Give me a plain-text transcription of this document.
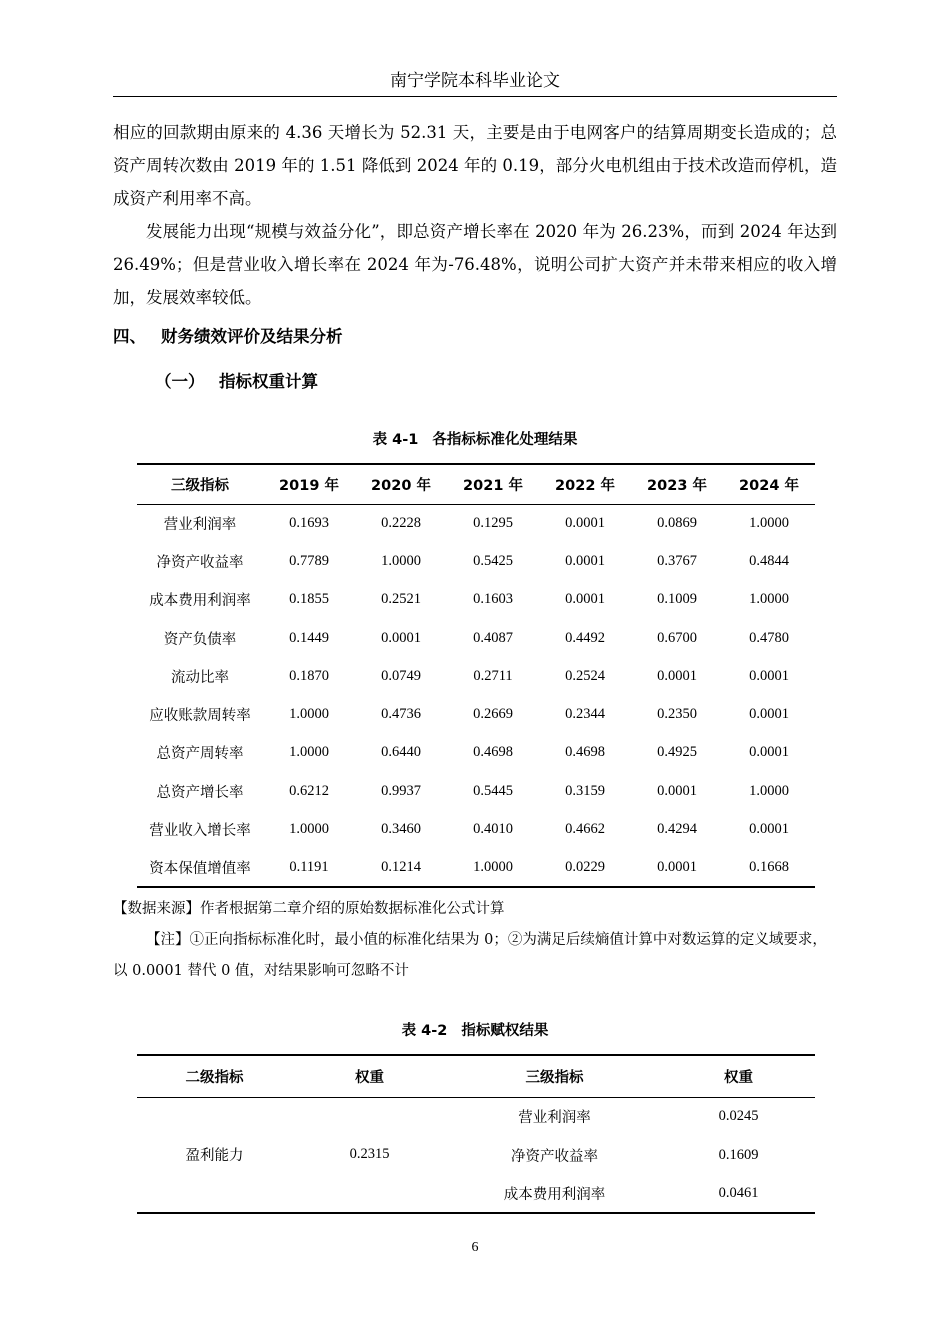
南宁学院本科毕业论文

相应的回款期由原来的 4.36 天增长为 52.31 天，主要是由于电网客户的结算周期变长造成的；总资产周转次数由 2019 年的 1.51 降低到 2024 年的 0.19，部分火电机组由于技术改造而停机，造成资产利用率不高。

发展能力出现“规模与效益分化”，即总资产增长率在 2020 年为 26.23%，而到 2024 年达到 26.49%；但是营业收入增长率在 2024 年为-76.48%，说明公司扩大资产并未带来相应的收入增加，发展效率较低。

四、 财务绩效评价及结果分析
（一） 指标权重计算
表 4-1 各指标标准化处理结果
三级指标	2019 年	2020 年	2021 年	2022 年	2023 年	2024 年
营业利润率	0.1693	0.2228	0.1295	0.0001	0.0869	1.0000
净资产收益率	0.7789	1.0000	0.5425	0.0001	0.3767	0.4844
成本费用利润率	0.1855	0.2521	0.1603	0.0001	0.1009	1.0000
资产负债率	0.1449	0.0001	0.4087	0.4492	0.6700	0.4780
流动比率	0.1870	0.0749	0.2711	0.2524	0.0001	0.0001
应收账款周转率	1.0000	0.4736	0.2669	0.2344	0.2350	0.0001
总资产周转率	1.0000	0.6440	0.4698	0.4698	0.4925	0.0001
总资产增长率	0.6212	0.9937	0.5445	0.3159	0.0001	1.0000
营业收入增长率	1.0000	0.3460	0.4010	0.4662	0.4294	0.0001
资本保值增值率	0.1191	0.1214	1.0000	0.0229	0.0001	0.1668

【数据来源】作者根据第二章介绍的原始数据标准化公式计算

【注】①正向指标标准化时，最小值的标准化结果为 0；②为满足后续熵值计算中对数运算的定义域要求，以 0.0001 替代 0 值，对结果影响可忽略不计

表 4-2 指标赋权结果
二级指标	权重	三级指标	权重
盈利能力	0.2315	营业利润率	0.0245
		净资产收益率	0.1609
		成本费用利润率	0.0461
6
